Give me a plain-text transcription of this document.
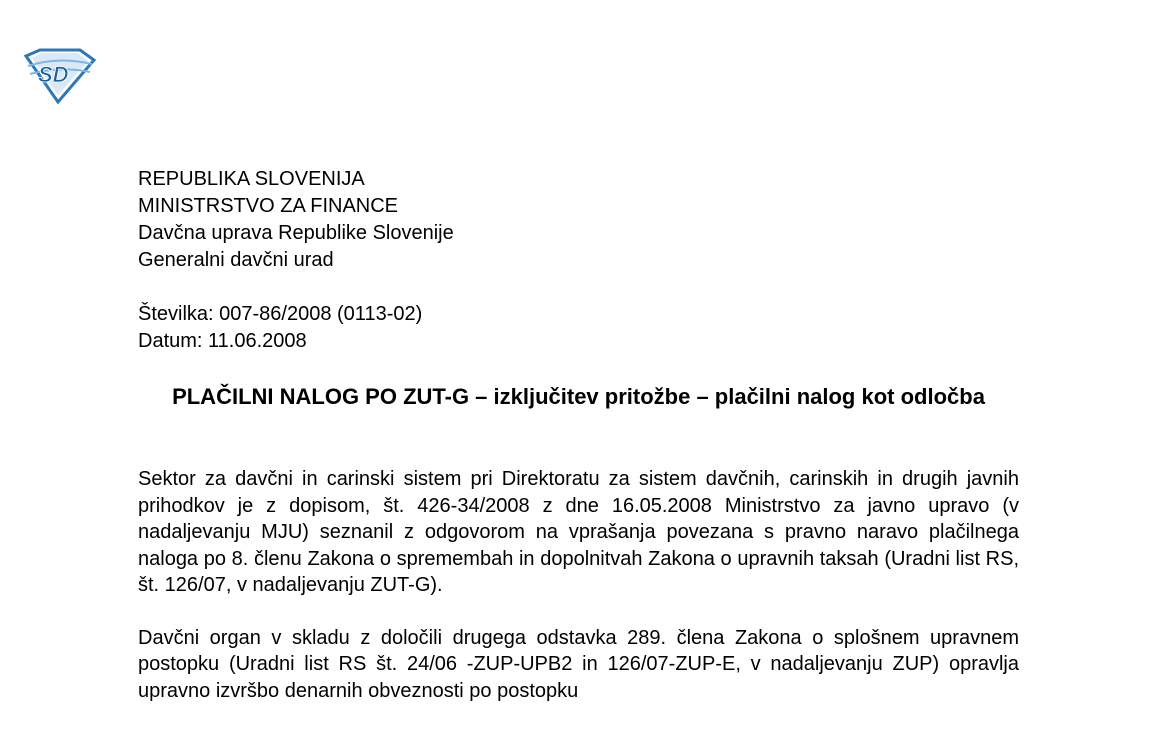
SD

REPUBLIKA SLOVENIJA

MINISTRSTVO ZA FINANCE

Davčna uprava Republike Slovenije

Generalni davčni urad

Številka: 007-86/2008 (0113-02)

Datum: 11.06.2008

PLAČILNI NALOG PO ZUT-G – izključitev pritožbe – plačilni nalog kot odločba

Sektor za davčni in carinski sistem pri Direktoratu za sistem davčnih, carinskih in drugih javnih prihodkov je z dopisom, št. 426-34/2008 z dne 16.05.2008 Ministrstvo za javno upravo (v nadaljevanju MJU) seznanil z odgovorom na vprašanja povezana s pravno naravo plačilnega naloga po 8. členu Zakona o spremembah in dopolnitvah Zakona o upravnih taksah (Uradni list RS, št. 126/07, v nadaljevanju ZUT-G).

Davčni organ v skladu z določili drugega odstavka 289. člena Zakona o splošnem upravnem postopku (Uradni list RS št. 24/06 -ZUP-UPB2 in 126/07-ZUP-E, v nadaljevanju ZUP) opravlja upravno izvršbo denarnih obveznosti po postopku
